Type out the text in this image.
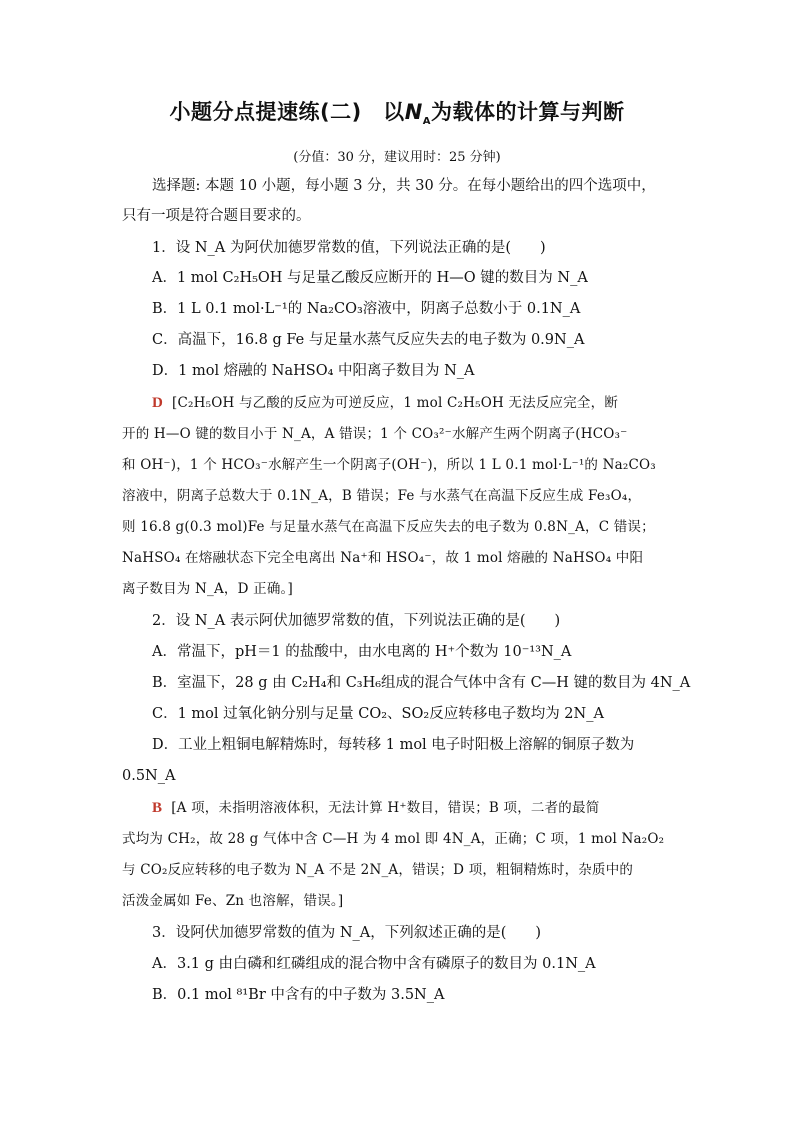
小题分点提速练(二)　以$N_A$为载体的计算与判断
(分值：30 分，建议用时：25 分钟)
选择题: 本题 10 小题，每小题 3 分，共 30 分。在每小题给出的四个选项中，
只有一项是符合题目要求的。
1．设 N_A 为阿伏加德罗常数的值，下列说法正确的是(　　)
A．1 mol C₂H₅OH 与足量乙酸反应断开的 H—O 键的数目为 N_A
B．1 L 0.1 mol·L⁻¹的 Na₂CO₃溶液中，阴离子总数小于 0.1N_A
C．高温下，16.8 g Fe 与足量水蒸气反应失去的电子数为 0.9N_A
D．1 mol 熔融的 NaHSO₄ 中阳离子数目为 N_A
D [C₂H₅OH 与乙酸的反应为可逆反应，1 mol C₂H₅OH 无法反应完全，断
开的 H—O 键的数目小于 N_A，A 错误；1 个 CO₃²⁻水解产生两个阴离子(HCO₃⁻
和 OH⁻)，1 个 HCO₃⁻水解产生一个阴离子(OH⁻)，所以 1 L 0.1 mol·L⁻¹的 Na₂CO₃
溶液中，阴离子总数大于 0.1N_A，B 错误；Fe 与水蒸气在高温下反应生成 Fe₃O₄，
则 16.8 g(0.3 mol)Fe 与足量水蒸气在高温下反应失去的电子数为 0.8N_A，C 错误；
NaHSO₄ 在熔融状态下完全电离出 Na⁺和 HSO₄⁻，故 1 mol 熔融的 NaHSO₄ 中阳
离子数目为 N_A，D 正确。]
2．设 N_A 表示阿伏加德罗常数的值，下列说法正确的是(　　)
A．常温下，pH＝1 的盐酸中，由水电离的 H⁺个数为 10⁻¹³N_A
B．室温下，28 g 由 C₂H₄和 C₃H₆组成的混合气体中含有 C—H 键的数目为 4N_A
C．1 mol 过氧化钠分别与足量 CO₂、SO₂反应转移电子数均为 2N_A
D．工业上粗铜电解精炼时，每转移 1 mol 电子时阳极上溶解的铜原子数为
0.5N_A
B [A 项，未指明溶液体积，无法计算 H⁺数目，错误；B 项，二者的最简
式均为 CH₂，故 28 g 气体中含 C—H 为 4 mol 即 4N_A，正确；C 项，1 mol Na₂O₂
与 CO₂反应转移的电子数为 N_A 不是 2N_A，错误；D 项，粗铜精炼时，杂质中的
活泼金属如 Fe、Zn 也溶解，错误。]
3．设阿伏加德罗常数的值为 N_A，下列叙述正确的是(　　)
A．3.1 g 由白磷和红磷组成的混合物中含有磷原子的数目为 0.1N_A
B．0.1 mol ⁸¹Br 中含有的中子数为 3.5N_A
